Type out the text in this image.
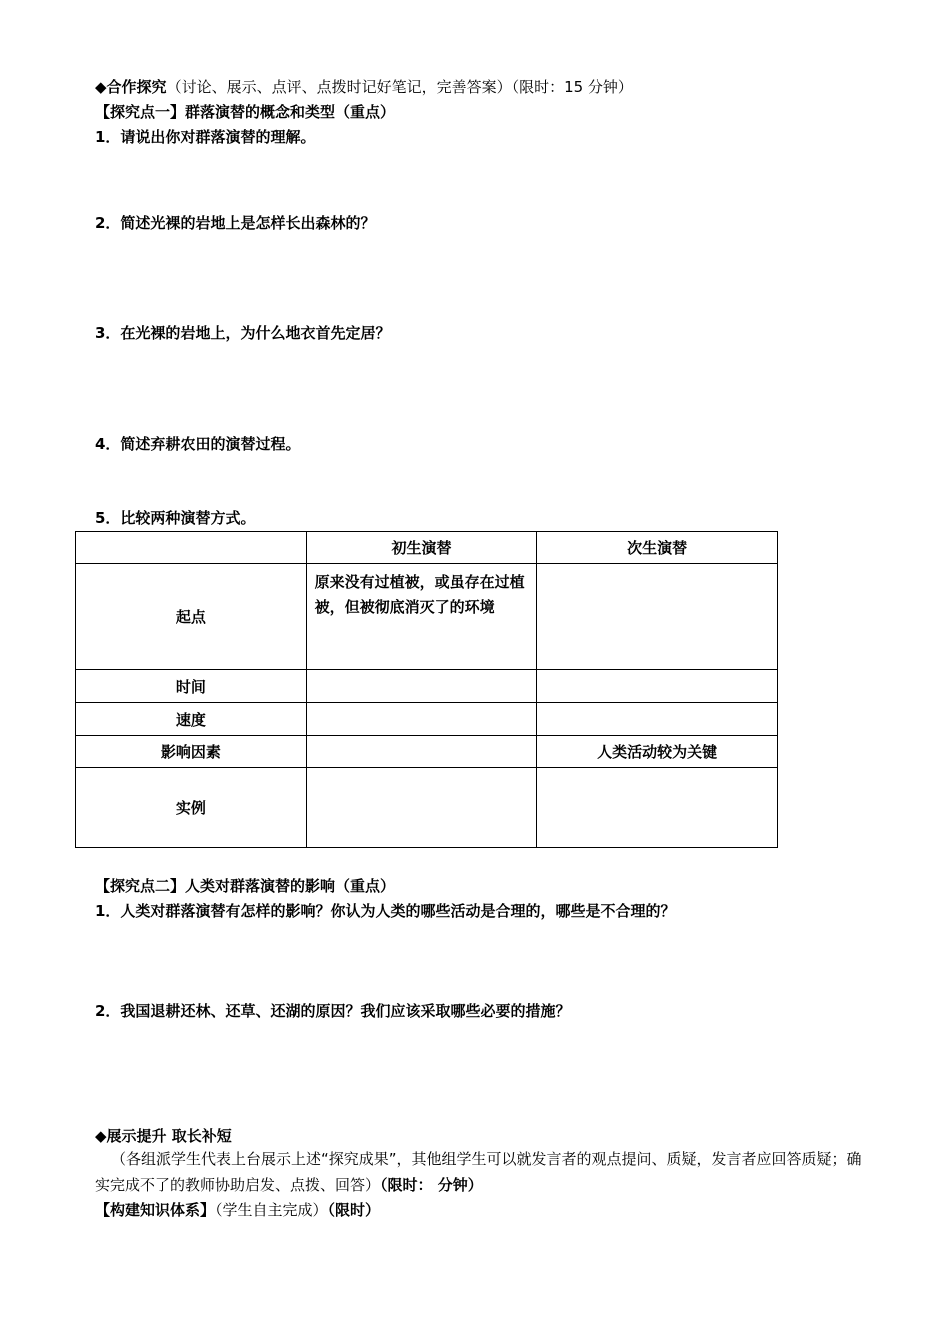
◆合作探究（讨论、展示、点评、点拨时记好笔记，完善答案）（限时：15 分钟）
【探究点一】群落演替的概念和类型（重点）
1．请说出你对群落演替的理解。
2．简述光裸的岩地上是怎样长出森林的？
3．在光裸的岩地上，为什么地衣首先定居？
4．简述弃耕农田的演替过程。
5．比较两种演替方式。
	初生演替	次生演替
起点	原来没有过植被，或虽存在过植被，但被彻底消灭了的环境	
时间		
速度		
影响因素		人类活动较为关键
实例		
【探究点二】人类对群落演替的影响（重点）
1．人类对群落演替有怎样的影响？你认为人类的哪些活动是合理的，哪些是不合理的？
2．我国退耕还林、还草、还湖的原因？我们应该采取哪些必要的措施？
◆展示提升 取长补短
（各组派学生代表上台展示上述“探究成果”，其他组学生可以就发言者的观点提问、质疑，发言者应回答质疑；确实完成不了的教师协助启发、点拨、回答）（限时： 分钟）
【构建知识体系】（学生自主完成）（限时）
